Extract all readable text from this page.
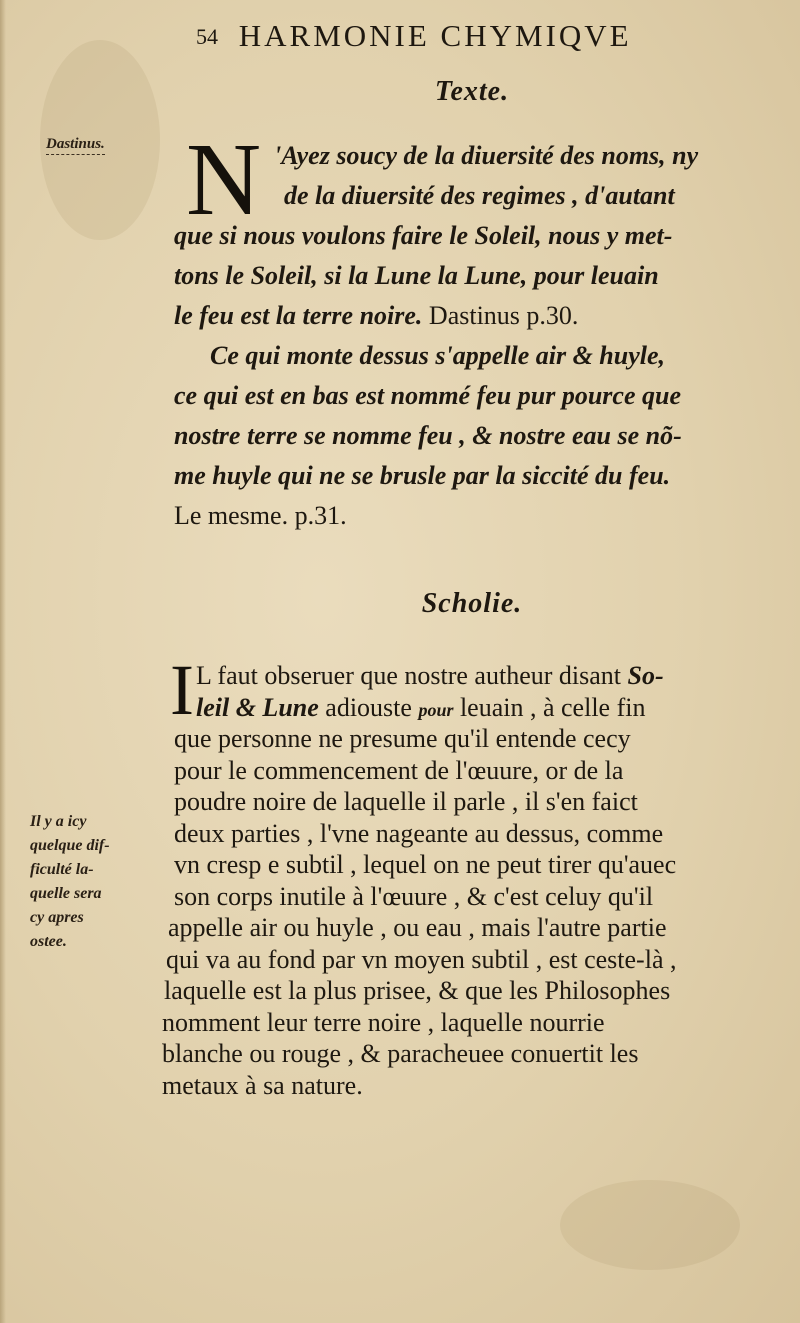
54 HARMONIE CHYMIQVE
Texte.
Dastinus. N 'Ayez soucy de la diuersité des noms, ny
de la diuersité des regimes , d'autant
que si nous voulons faire le Soleil, nous y met-
tons le Soleil, si la Lune la Lune, pour leuain
le feu est la terre noire. Dastinus p.30.
Ce qui monte dessus s'appelle air & huyle,
ce qui est en bas est nommé feu pur pource que
nostre terre se nomme feu , & nostre eau se nõ-
me huyle qui ne se brusle par la siccité du feu.
Le mesme. p.31.
Scholie.
I
Il y a icy
quelque dif-
ficulté la-
quelle sera
cy apres
ostee.
L faut obseruer que nostre autheur disant So-
leil & Lune adiouste pour leuain , à celle fin
que personne ne presume qu'il entende cecy
pour le commencement de l'œuure, or de la
poudre noire de laquelle il parle , il s'en faict
deux parties , l'vne nageante au dessus, comme
vn cresp e subtil , lequel on ne peut tirer qu'auec
son corps inutile à l'œuure , & c'est celuy qu'il
appelle air ou huyle , ou eau , mais l'autre partie
qui va au fond par vn moyen subtil , est ceste-là ,
laquelle est la plus prisee, & que les Philosophes
nomment leur terre noire , laquelle nourrie
blanche ou rouge , & paracheuee conuertit les
metaux à sa nature.
